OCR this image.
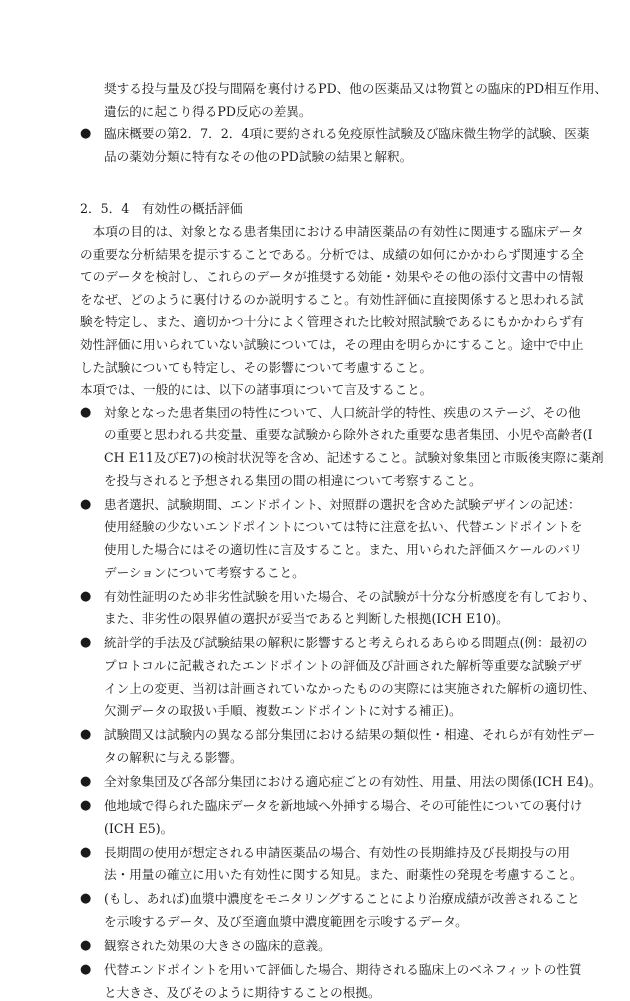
奨する投与量及び投与間隔を裏付けるPD、他の医薬品又は物質との臨床的PD相互作用、
遺伝的に起こり得るPD反応の差異。
● 臨床概要の第2．7．2．4項に要約される免疫原性試験及び臨床微生物学的試験、医薬
品の薬効分類に特有なその他のPD試験の結果と解釈。
2．5．4　有効性の概括評価
　本項の目的は、対象となる患者集団における申請医薬品の有効性に関連する臨床データ
の重要な分析結果を提示することである。分析では、成績の如何にかかわらず関連する全
てのデータを検討し、これらのデータが推奨する効能・効果やその他の添付文書中の情報
をなぜ、どのように裏付けるのか説明すること。有効性評価に直接関係すると思われる試
験を特定し、また、適切かつ十分によく管理された比較対照試験であるにもかかわらず有
効性評価に用いられていない試験については，その理由を明らかにすること。途中で中止
した試験についても特定し、その影響について考慮すること。
本項では、一般的には、以下の諸事項について言及すること。
● 対象となった患者集団の特性について、人口統計学的特性、疾患のステージ、その他
の重要と思われる共変量、重要な試験から除外された重要な患者集団、小児や高齢者(I
CH E11及びE7)の検討状況等を含め、記述すること。試験対象集団と市販後実際に薬剤
を投与されると予想される集団の間の相違について考察すること。
● 患者選択、試験期間、エンドポイント、対照群の選択を含めた試験デザインの記述：
使用経験の少ないエンドポイントについては特に注意を払い、代替エンドポイントを
使用した場合にはその適切性に言及すること。また、用いられた評価スケールのバリ
デーションについて考察すること。
● 有効性証明のため非劣性試験を用いた場合、その試験が十分な分析感度を有しており、
また、非劣性の限界値の選択が妥当であると判断した根拠(ICH E10)。
● 統計学的手法及び試験結果の解釈に影響すると考えられるあらゆる問題点(例：最初の
プロトコルに記載されたエンドポイントの評価及び計画された解析等重要な試験デザ
イン上の変更、当初は計画されていなかったものの実際には実施された解析の適切性、
欠測データの取扱い手順、複数エンドポイントに対する補正)。
● 試験間又は試験内の異なる部分集団における結果の類似性・相違、それらが有効性デー
タの解釈に与える影響。
● 全対象集団及び各部分集団における適応症ごとの有効性、用量、用法の関係(ICH E4)。
● 他地域で得られた臨床データを新地域へ外挿する場合、その可能性についての裏付け
(ICH E5)。
● 長期間の使用が想定される申請医薬品の場合、有効性の長期維持及び長期投与の用
法・用量の確立に用いた有効性に関する知見。また、耐薬性の発現を考慮すること。
● (もし、あれば)血漿中濃度をモニタリングすることにより治療成績が改善されること
を示唆するデータ、及び至適血漿中濃度範囲を示唆するデータ。
● 観察された効果の大きさの臨床的意義。
● 代替エンドポイントを用いて評価した場合、期待される臨床上のベネフィットの性質
と大きさ、及びそのように期待することの根拠。
